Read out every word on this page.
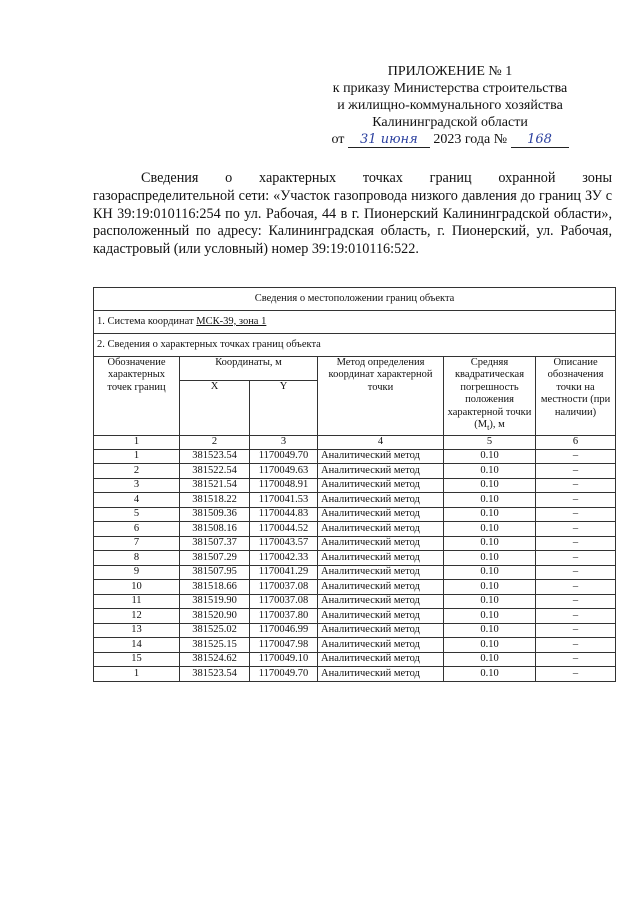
ПРИЛОЖЕНИЕ № 1
к приказу Министерства строительства
и жилищно-коммунального хозяйства
Калининградской области
от 31 июня 2023 года № 168
Сведения о характерных точках границ охранной зоны газораспределительной сети: «Участок газопровода низкого давления до границ ЗУ с КН 39:19:010116:254 по ул. Рабочая, 44 в г. Пионерский Калининградской области», расположенный по адресу: Калининградская область, г. Пионерский, ул. Рабочая, кадастровый (или условный) номер 39:19:010116:522.
Сведения о местоположении границ объекта					
1. Система координат МСК-39, зона 1					
2. Сведения о характерных точках границ объекта					
Обозначение характерных точек границ	Координаты, м		Метод определения координат характерной точки	Средняя квадратическая погрешность положения характерной точки $(M_t)$, м	Описание обозначения точки на местности (при наличии)
	X	Y			
1	2	3	4	5	6
1	381523.54	1170049.70	Аналитический метод	0.10	–
2	381522.54	1170049.63	Аналитический метод	0.10	–
3	381521.54	1170048.91	Аналитический метод	0.10	–
4	381518.22	1170041.53	Аналитический метод	0.10	–
5	381509.36	1170044.83	Аналитический метод	0.10	–
6	381508.16	1170044.52	Аналитический метод	0.10	–
7	381507.37	1170043.57	Аналитический метод	0.10	–
8	381507.29	1170042.33	Аналитический метод	0.10	–
9	381507.95	1170041.29	Аналитический метод	0.10	–
10	381518.66	1170037.08	Аналитический метод	0.10	–
11	381519.90	1170037.08	Аналитический метод	0.10	–
12	381520.90	1170037.80	Аналитический метод	0.10	–
13	381525.02	1170046.99	Аналитический метод	0.10	–
14	381525.15	1170047.98	Аналитический метод	0.10	–
15	381524.62	1170049.10	Аналитический метод	0.10	–
1	381523.54	1170049.70	Аналитический метод	0.10	–
